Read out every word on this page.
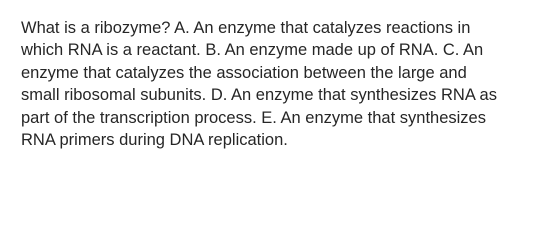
What is a ribozyme? A. An enzyme that catalyzes reactions in
which RNA is a reactant. B. An enzyme made up of RNA. C. An
enzyme that catalyzes the association between the large and
small ribosomal subunits. D. An enzyme that synthesizes RNA as
part of the transcription process. E. An enzyme that synthesizes
RNA primers during DNA replication.
